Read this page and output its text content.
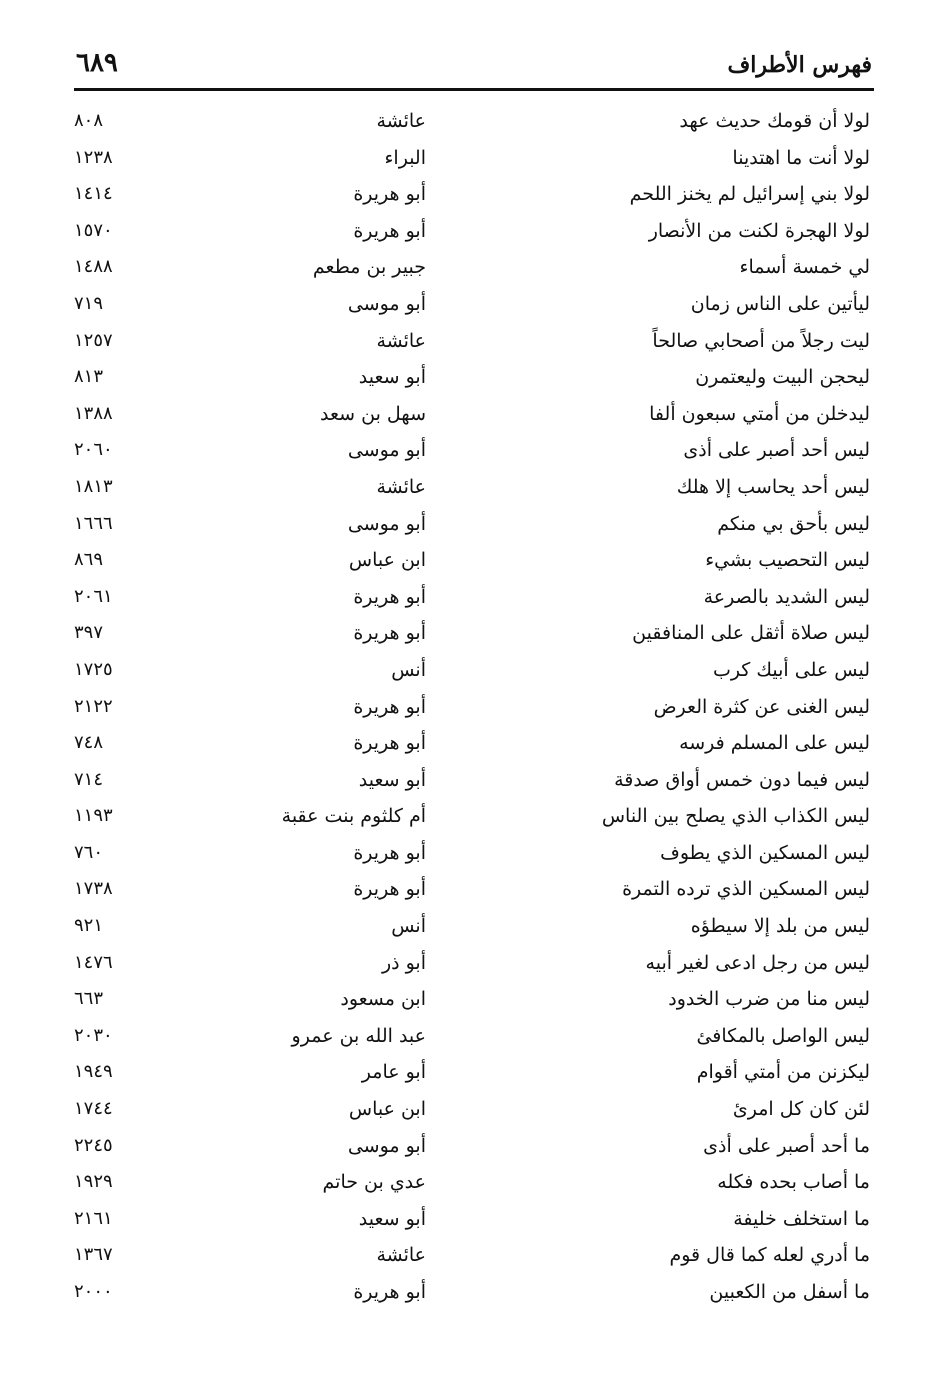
فهرس الأطراف
٦٨٩
لولا أن قومك حديث عهد
عائشة
٨٠٨
لولا أنت ما اهتدينا
البراء
١٢٣٨
لولا بني إسرائيل لم يخنز اللحم
أبو هريرة
١٤١٤
لولا الهجرة لكنت من الأنصار
أبو هريرة
١٥٧٠
لي خمسة أسماء
جبير بن مطعم
١٤٨٨
ليأتين على الناس زمان
أبو موسى
٧١٩
ليت رجلاً من أصحابي صالحاً
عائشة
١٢٥٧
ليحجن البيت وليعتمرن
أبو سعيد
٨١٣
ليدخلن من أمتي سبعون ألفا
سهل بن سعد
١٣٨٨
ليس أحد أصبر على أذى
أبو موسى
٢٠٦٠
ليس أحد يحاسب إلا هلك
عائشة
١٨١٣
ليس بأحق بي منكم
أبو موسى
١٦٦٦
ليس التحصيب بشيء
ابن عباس
٨٦٩
ليس الشديد بالصرعة
أبو هريرة
٢٠٦١
ليس صلاة أثقل على المنافقين
أبو هريرة
٣٩٧
ليس على أبيك كرب
أنس
١٧٢٥
ليس الغنى عن كثرة العرض
أبو هريرة
٢١٢٢
ليس على المسلم فرسه
أبو هريرة
٧٤٨
ليس فيما دون خمس أواق صدقة
أبو سعيد
٧١٤
ليس الكذاب الذي يصلح بين الناس
أم كلثوم بنت عقبة
١١٩٣
ليس المسكين الذي يطوف
أبو هريرة
٧٦٠
ليس المسكين الذي ترده التمرة
أبو هريرة
١٧٣٨
ليس من بلد إلا سيطؤه
أنس
٩٢١
ليس من رجل ادعى لغير أبيه
أبو ذر
١٤٧٦
ليس منا من ضرب الخدود
ابن مسعود
٦٦٣
ليس الواصل بالمكافئ
عبد الله بن عمرو
٢٠٣٠
ليكزنن من أمتي أقوام
أبو عامر
١٩٤٩
لئن كان كل امرئ
ابن عباس
١٧٤٤
ما أحد أصبر على أذى
أبو موسى
٢٢٤٥
ما أصاب بحده فكله
عدي بن حاتم
١٩٢٩
ما استخلف خليفة
أبو سعيد
٢١٦١
ما أدري لعله كما قال قوم
عائشة
١٣٦٧
ما أسفل من الكعبين
أبو هريرة
٢٠٠٠
